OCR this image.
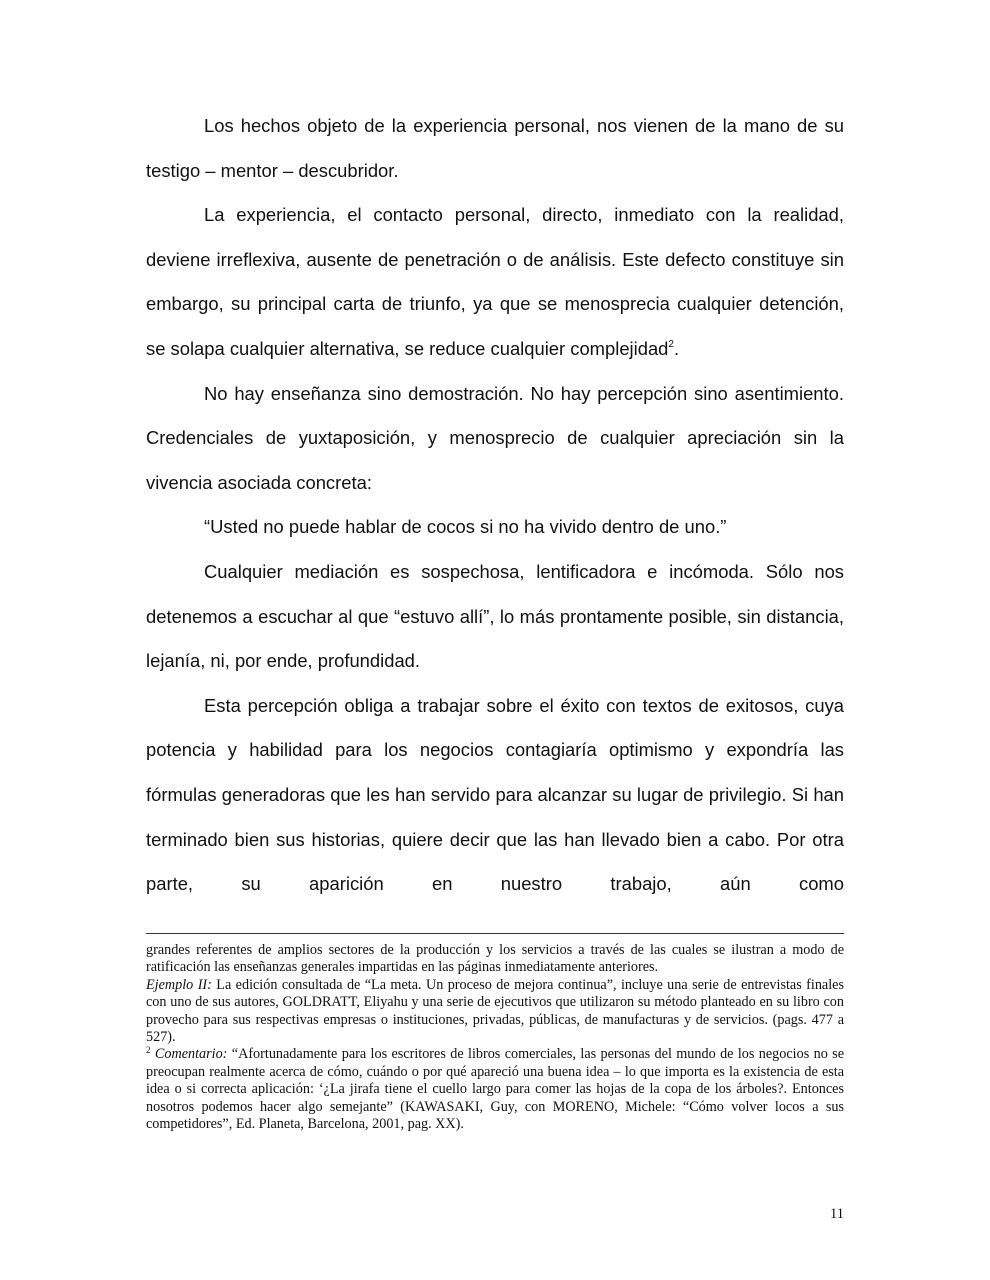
Los hechos objeto de la experiencia personal, nos vienen de la mano de su testigo – mentor – descubridor.

La experiencia, el contacto personal, directo, inmediato con la realidad, deviene irreflexiva, ausente de penetración o de análisis. Este defecto constituye sin embargo, su principal carta de triunfo, ya que se menosprecia cualquier detención, se solapa cualquier alternativa, se reduce cualquier complejidad$^2$.

No hay enseñanza sino demostración. No hay percepción sino asentimiento. Credenciales de yuxtaposición, y menosprecio de cualquier apreciación sin la vivencia asociada concreta:

“Usted no puede hablar de cocos si no ha vivido dentro de uno.”

Cualquier mediación es sospechosa, lentificadora e incómoda. Sólo nos detenemos a escuchar al que “estuvo allí”, lo más prontamente posible, sin distancia, lejanía, ni, por ende, profundidad.

Esta percepción obliga a trabajar sobre el éxito con textos de exitosos, cuya potencia y habilidad para los negocios contagiaría optimismo y expondría las fórmulas generadoras que les han servido para alcanzar su lugar de privilegio. Si han terminado bien sus historias, quiere decir que las han llevado bien a cabo. Por otra parte, su aparición en nuestro trabajo, aún como

grandes referentes de amplios sectores de la producción y los servicios a través de las cuales se ilustran a modo de ratificación las enseñanzas generales impartidas en las páginas inmediatamente anteriores.

Ejemplo II: La edición consultada de “La meta. Un proceso de mejora continua”, incluye una serie de entrevistas finales con uno de sus autores, GOLDRATT, Eliyahu y una serie de ejecutivos que utilizaron su método planteado en su libro con provecho para sus respectivas empresas o instituciones, privadas, públicas, de manufacturas y de servicios. (pags. 477 a 527).

$^2$ Comentario: “Afortunadamente para los escritores de libros comerciales, las personas del mundo de los negocios no se preocupan realmente acerca de cómo, cuándo o por qué apareció una buena idea – lo que importa es la existencia de esta idea o si correcta aplicación: ‘¿La jirafa tiene el cuello largo para comer las hojas de la copa de los árboles?. Entonces nosotros podemos hacer algo semejante” (KAWASAKI, Guy, con MORENO, Michele: “Cómo volver locos a sus competidores”, Ed. Planeta, Barcelona, 2001, pag. XX).

11
